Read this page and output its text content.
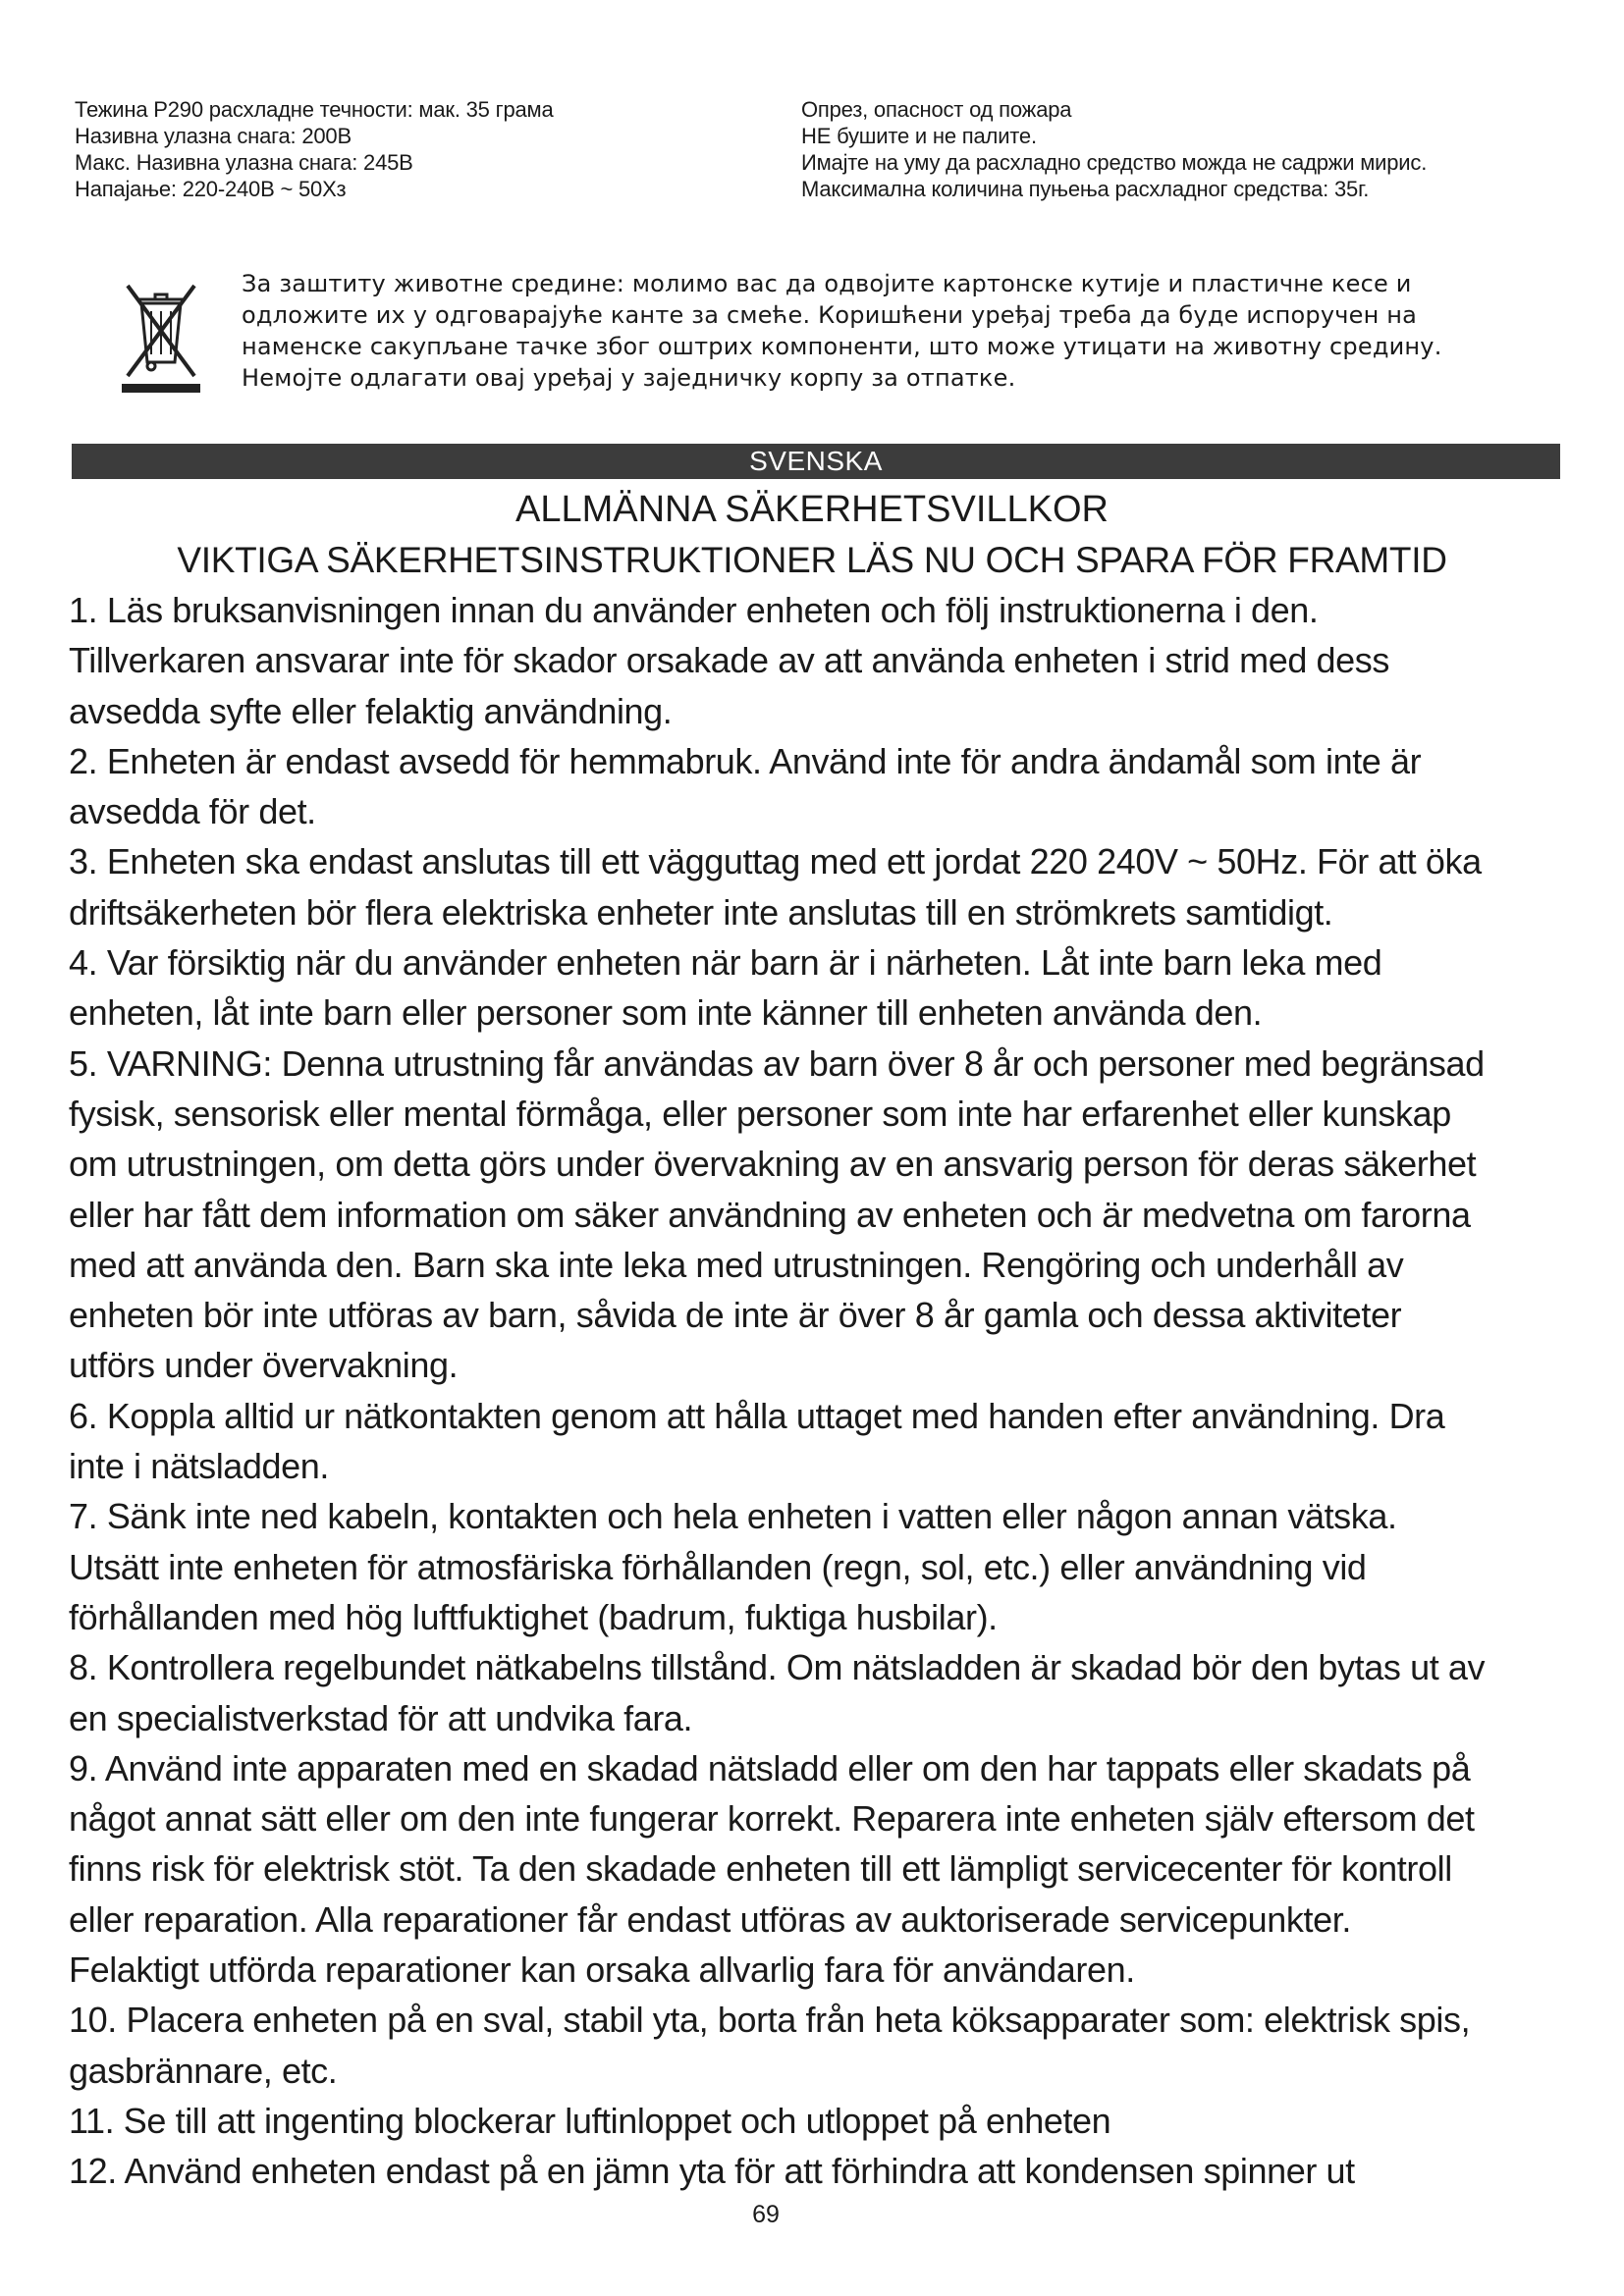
Тежина Р290 расхладне течности: мак. 35 грама
Називна улазна снага: 200В
Макс. Називна улазна снага: 245В
Напајање: 220-240В ~ 50Хз
Опрез, опасност од пожара
НЕ бушите и не палите.
Имајте на уму да расхладно средство можда не садржи мирис.
Максимална количина пуњења расхладног средства: 35г.
За заштиту животне средине: молимо вас да одвојите картонске кутије и пластичне кесе и
одложите их у одговарајуће канте за смеће. Коришћени уређај треба да буде испоручен на
наменске сакупљане тачке због оштрих компоненти, што може утицати на животну средину.
Немојте одлагати овај уређај у заједничку корпу за отпатке.
SVENSKA
ALLMÄNNA SÄKERHETSVILLKOR
VIKTIGA SÄKERHETSINSTRUKTIONER LÄS NU OCH SPARA FÖR FRAMTID
1. Läs bruksanvisningen innan du använder enheten och följ instruktionerna i den.
Tillverkaren ansvarar inte för skador orsakade av att använda enheten i strid med dess
avsedda syfte eller felaktig användning.
2. Enheten är endast avsedd för hemmabruk. Använd inte för andra ändamål som inte är
avsedda för det.
3. Enheten ska endast anslutas till ett vägguttag med ett jordat 220 240V ~ 50Hz. För att öka
driftsäkerheten bör flera elektriska enheter inte anslutas till en strömkrets samtidigt.
4. Var försiktig när du använder enheten när barn är i närheten. Låt inte barn leka med
enheten, låt inte barn eller personer som inte känner till enheten använda den.
5. VARNING: Denna utrustning får användas av barn över 8 år och personer med begränsad
fysisk, sensorisk eller mental förmåga, eller personer som inte har erfarenhet eller kunskap
om utrustningen, om detta görs under övervakning av en ansvarig person för deras säkerhet
eller har fått dem information om säker användning av enheten och är medvetna om farorna
med att använda den. Barn ska inte leka med utrustningen. Rengöring och underhåll av
enheten bör inte utföras av barn, såvida de inte är över 8 år gamla och dessa aktiviteter
utförs under övervakning.
6. Koppla alltid ur nätkontakten genom att hålla uttaget med handen efter användning. Dra
inte i nätsladden.
7. Sänk inte ned kabeln, kontakten och hela enheten i vatten eller någon annan vätska.
Utsätt inte enheten för atmosfäriska förhållanden (regn, sol, etc.) eller användning vid
förhållanden med hög luftfuktighet (badrum, fuktiga husbilar).
8. Kontrollera regelbundet nätkabelns tillstånd. Om nätsladden är skadad bör den bytas ut av
en specialistverkstad för att undvika fara.
9. Använd inte apparaten med en skadad nätsladd eller om den har tappats eller skadats på
något annat sätt eller om den inte fungerar korrekt. Reparera inte enheten själv eftersom det
finns risk för elektrisk stöt. Ta den skadade enheten till ett lämpligt servicecenter för kontroll
eller reparation. Alla reparationer får endast utföras av auktoriserade servicepunkter.
Felaktigt utförda reparationer kan orsaka allvarlig fara för användaren.
10. Placera enheten på en sval, stabil yta, borta från heta köksapparater som: elektrisk spis,
gasbrännare, etc.
11. Se till att ingenting blockerar luftinloppet och utloppet på enheten
12. Använd enheten endast på en jämn yta för att förhindra att kondensen spinner ut
69
